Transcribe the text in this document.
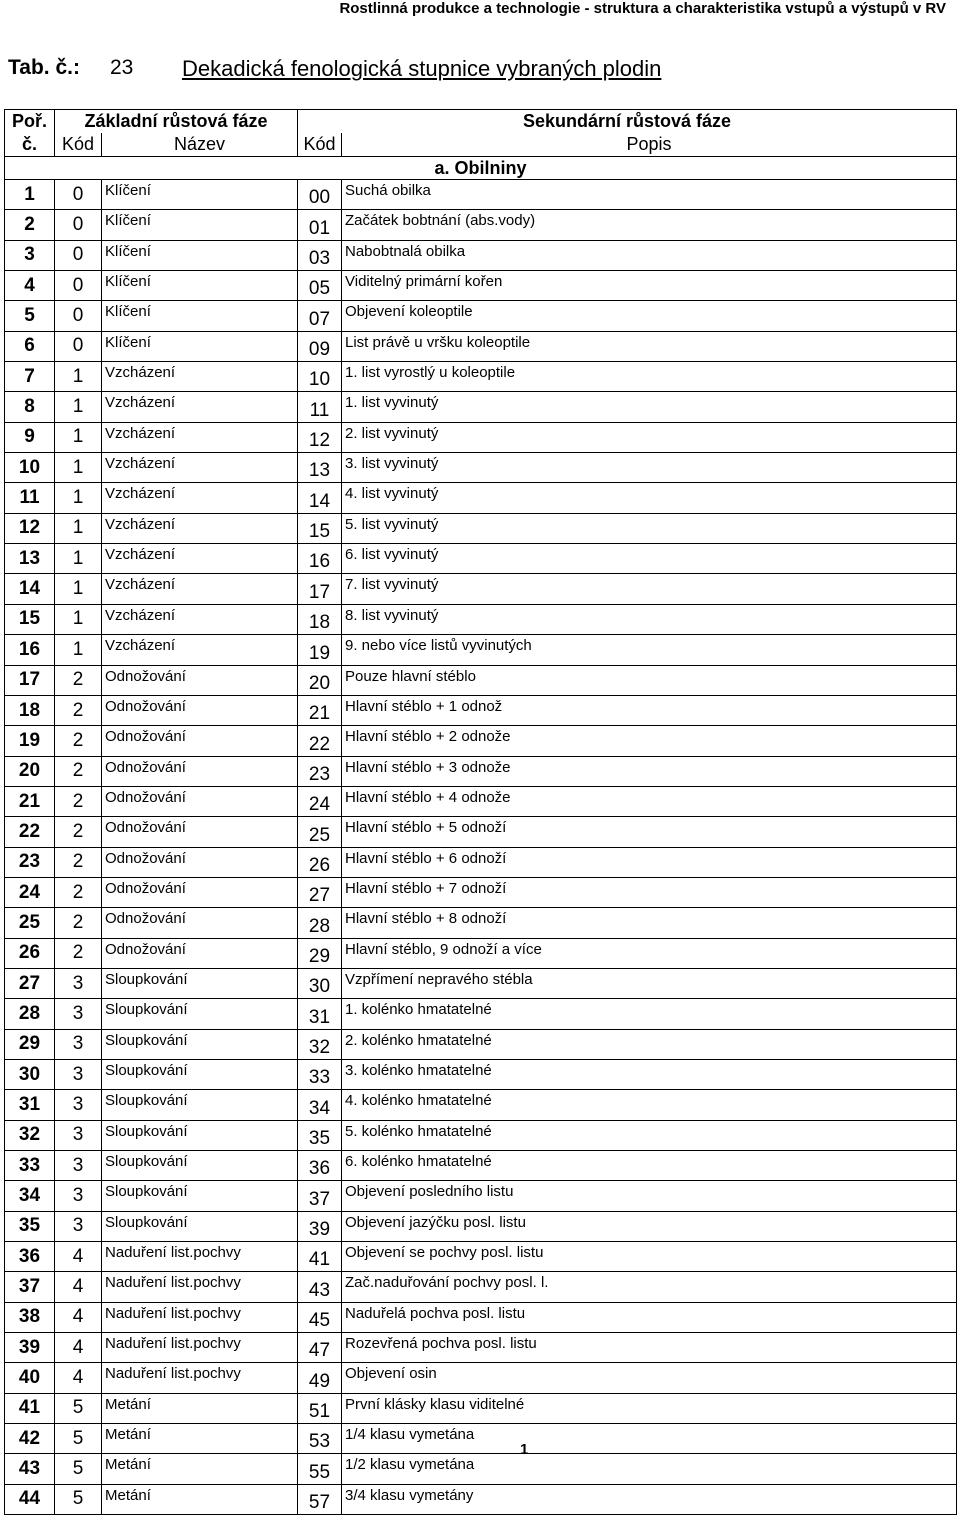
Rostlinná produkce a technologie - struktura a charakteristika vstupů a výstupů v RV
Tab. č.: 23 Dekadická fenologická stupnice vybraných plodin
Poř.	Základní růstová fáze		Sekundární růstová fáze	
č.	Kód	Název	Kód	Popis
a. Obilniny				
1	0	Klíčení	00	Suchá obilka
2	0	Klíčení	01	Začátek bobtnání (abs.vody)
3	0	Klíčení	03	Nabobtnalá obilka
4	0	Klíčení	05	Viditelný primární kořen
5	0	Klíčení	07	Objevení koleoptile
6	0	Klíčení	09	List právě u vršku koleoptile
7	1	Vzcházení	10	1. list vyrostlý u koleoptile
8	1	Vzcházení	11	1. list vyvinutý
9	1	Vzcházení	12	2. list vyvinutý
10	1	Vzcházení	13	3. list vyvinutý
11	1	Vzcházení	14	4. list vyvinutý
12	1	Vzcházení	15	5. list vyvinutý
13	1	Vzcházení	16	6. list vyvinutý
14	1	Vzcházení	17	7. list vyvinutý
15	1	Vzcházení	18	8. list vyvinutý
16	1	Vzcházení	19	9. nebo více listů vyvinutých
17	2	Odnožování	20	Pouze hlavní stéblo
18	2	Odnožování	21	Hlavní stéblo + 1 odnož
19	2	Odnožování	22	Hlavní stéblo + 2 odnože
20	2	Odnožování	23	Hlavní stéblo + 3 odnože
21	2	Odnožování	24	Hlavní stéblo + 4 odnože
22	2	Odnožování	25	Hlavní stéblo + 5 odnoží
23	2	Odnožování	26	Hlavní stéblo + 6 odnoží
24	2	Odnožování	27	Hlavní stéblo + 7 odnoží
25	2	Odnožování	28	Hlavní stéblo + 8 odnoží
26	2	Odnožování	29	Hlavní stéblo, 9 odnoží a více
27	3	Sloupkování	30	Vzpřímení nepravého stébla
28	3	Sloupkování	31	1. kolénko hmatatelné
29	3	Sloupkování	32	2. kolénko hmatatelné
30	3	Sloupkování	33	3. kolénko hmatatelné
31	3	Sloupkování	34	4. kolénko hmatatelné
32	3	Sloupkování	35	5. kolénko hmatatelné
33	3	Sloupkování	36	6. kolénko hmatatelné
34	3	Sloupkování	37	Objevení posledního listu
35	3	Sloupkování	39	Objevení jazýčku posl. listu
36	4	Naduření list.pochvy	41	Objevení se pochvy posl. listu
37	4	Naduření list.pochvy	43	Zač.naduřování pochvy posl. l.
38	4	Naduření list.pochvy	45	Naduřelá pochva posl. listu
39	4	Naduření list.pochvy	47	Rozevřená pochva posl. listu
40	4	Naduření list.pochvy	49	Objevení osin
41	5	Metání	51	První klásky klasu viditelné
42	5	Metání	53	1/4 klasu vymetána
43	5	Metání	55	1/2 klasu vymetána
44	5	Metání	57	3/4 klasu vymetány
1
